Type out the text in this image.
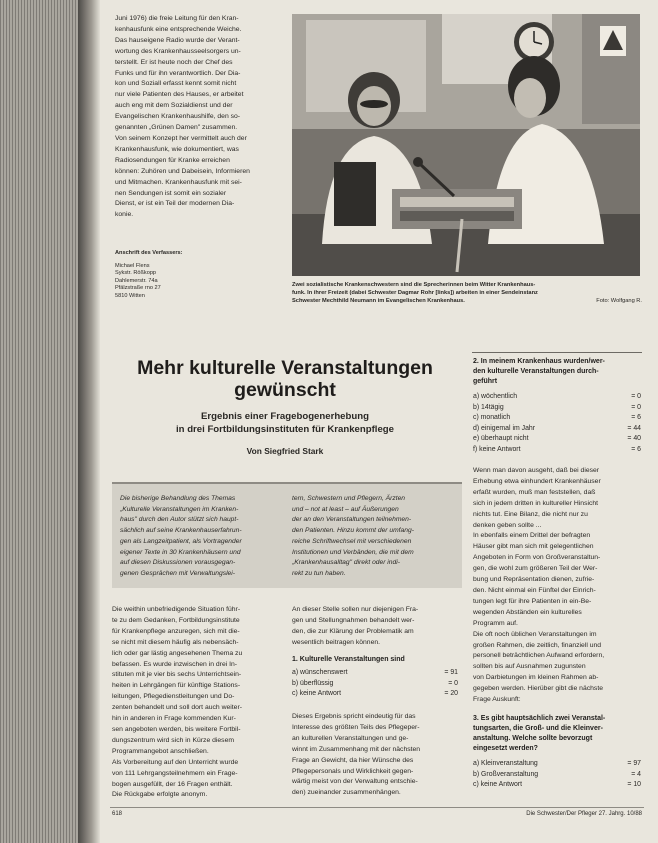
Juni 1976) die freie Leitung für den Kran-
kenhausfunk eine entsprechende Weiche.
Das hauseigene Radio wurde der Verant-
wortung des Krankenhausseelsorgers un-
terstellt. Er ist heute noch der Chef des
Funks und für ihn verantwortlich. Der Dia-
kon und Soziall erfasst kennt somit nicht
nur viele Patienten des Hauses, er arbeitet
auch eng mit dem Sozialdienst und der
Evangelischen Krankenhaushilfe, den so-
genannten „Grünen Damen" zusammen.
Von seinem Konzept her vermittelt auch der
Krankenhausfunk, wie dokumentiert, was
Radiosendungen für Kranke erreichen
können: Zuhören und Dabeisein, Informieren
und Mitmachen. Krankenhausfunk mit sei-
nen Sendungen ist somit ein sozialer
Dienst, er ist ein Teil der modernen Dia-
konie.
Anschrift des Verfassers:
Michael Flens
Sykstr. Rößkopp
Dahlemerstr. 74a
Pfälzstraße rno 27
5810 Witten
Zwei sozialistische Krankenschwestern sind die Sprecherinnen beim Witter Krankenhaus-
funk. In ihrer Freizeit (dabei Schwester Dagmar Rohr [links]) arbeiten in einer Sendeinstanz
Schwester Mechthild Neumann im Evangelischen Krankenhaus.	Foto: Wolfgang R.
Mehr kulturelle Veranstaltungen
gewünscht
Ergebnis einer Fragebogenerhebung
in drei Fortbildungsinstituten für Krankenpflege
Von Siegfried Stark
Die bisherige Behandlung des Themas
„Kulturelle Veranstaltungen im Kranken-
haus" durch den Autor stützt sich haupt-
sächlich auf seine Krankenhauserfahrun-
gen als Langzeitpatient, als Vortragender
eigener Texte in 30 Krankenhäusern und
auf diesen Diskussionen vorausgegan-
genen Gesprächen mit Verwaltungslei-
tern, Schwestern und Pflegern, Ärzten
und – not at least – auf Äußerungen
der an den Veranstaltungen teilnehmen-
den Patienten. Hinzu kommt der umfang-
reiche Schriftwechsel mit verschiedenen
Institutionen und Verbänden, die mit dem
„Krankenhausalltag" direkt oder indi-
rekt zu tun haben.
Die weithin unbefriedigende Situation führ-
te zu dem Gedanken, Fortbildungsinstitute
für Krankenpflege anzuregen, sich mit die-
se nicht mit diesem häufig als nebensäch-
lich oder gar lästig angesehenen Thema zu
befassen. Es wurde inzwischen in drei In-
stituten mit je vier bis sechs Unterrichtsein-
heiten in Lehrgängen für künftige Stations-
leitungen, Pflegedienstleitungen und Do-
zenten behandelt und soll dort auch weiter-
hin in anderen in Frage kommenden Kur-
sen angeboten werden, bis weitere Fortbil-
dungszentrum wird sich in Kürze diesem
Programmangebot anschließen.
Als Vorbereitung auf den Unterricht wurde
von 111 Lehrgangsteilnehmern ein Frage-
bogen ausgefüllt, der 16 Fragen enthält.
Die Rückgabe erfolgte anonym.
An dieser Stelle sollen nur diejenigen Fra-
gen und Stellungnahmen behandelt wer-
den, die zur Klärung der Problematik am
wesentlich beitragen können.
1. Kulturelle Veranstaltungen sind
a) wünschenswert	= 91
b) überflüssig	= 0
c) keine Antwort	= 20
Dieses Ergebnis spricht eindeutig für das
Interesse des größten Teils des Pflegeper-
an kulturellen Veranstaltungen und ge-
winnt im Zusammenhang mit der nächsten
Frage an Gewicht, da hier Wünsche des
Pflegepersonals und Wirklichkeit gegen-
wärtig meist von der Verwaltung entschie-
den) zueinander zusammenhängen.
2. In meinem Krankenhaus wurden/wer-
den kulturelle Veranstaltungen durch-
geführt
a) wöchentlich	= 0
b) 14tägig	= 0
c) monatlich	= 6
d) einigemal im Jahr	= 44
e) überhaupt nicht	= 40
f) keine Antwort	= 6
Wenn man davon ausgeht, daß bei dieser
Erhebung etwa einhundert Krankenhäuser
erfaßt wurden, muß man feststellen, daß
sich in jedem dritten in kultureller Hinsicht
nichts tut. Eine Bilanz, die nicht nur zu
denken geben sollte ...
In ebenfalls einem Drittel der befragten
Häuser gibt man sich mit gelegentlichen
Angeboten in Form von Großveranstaltun-
gen, die wohl zum größeren Teil der Wer-
bung und Repräsentation dienen, zufrie-
den. Nicht einmal ein Fünftel der Einrich-
tungen legt für ihre Patienten in ein-Be-
wegenden Abständen ein kulturelles
Programm auf.
Die oft noch üblichen Veranstaltungen im
großen Rahmen, die zeitlich, finanziell und
personell beträchtlichen Aufwand erfordern,
sollten bis auf Ausnahmen zugunsten
von Darbietungen im kleinen Rahmen ab-
gegeben werden. Hierüber gibt die nächste
Frage Auskunft:
3. Es gibt hauptsächlich zwei Veranstal-
tungsarten, die Groß- und die Kleinver-
anstaltung. Welche sollte bevorzugt
eingesetzt werden?
a) Kleinveranstaltung	= 97
b) Großveranstaltung	= 4
c) keine Antwort	= 10
618	Die Schwester/Der Pfleger 27. Jahrg. 10/88
